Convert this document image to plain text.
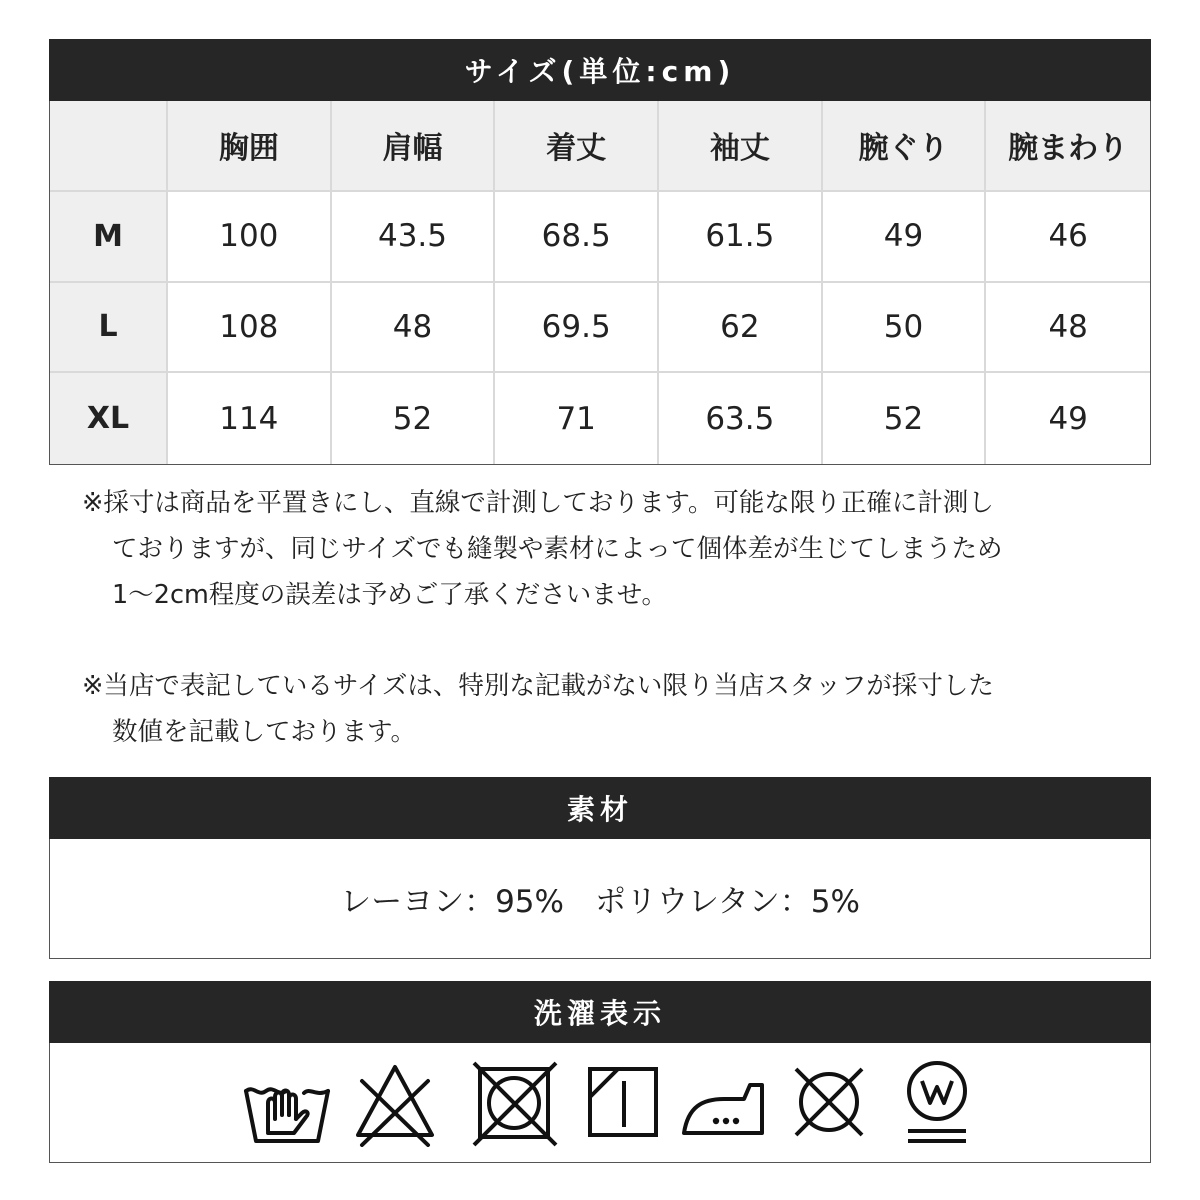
サイズ(単位:cm)
胸囲	肩幅	着丈	袖丈	腕ぐり	腕まわり
M	100	43.5	68.5	61.5	49	46
L	108	48	69.5	62	50	48
XL	114	52	71	63.5	52	49
※採寸は商品を平置きにし、直線で計測しております。可能な限り正確に計測し
ておりますが、同じサイズでも縫製や素材によって個体差が生じてしまうため
1〜2cm程度の誤差は予めご了承くださいませ。
※当店で表記しているサイズは、特別な記載がない限り当店スタッフが採寸した
数値を記載しております。
素材
レーヨン：95%　ポリウレタン：5%
洗濯表示
